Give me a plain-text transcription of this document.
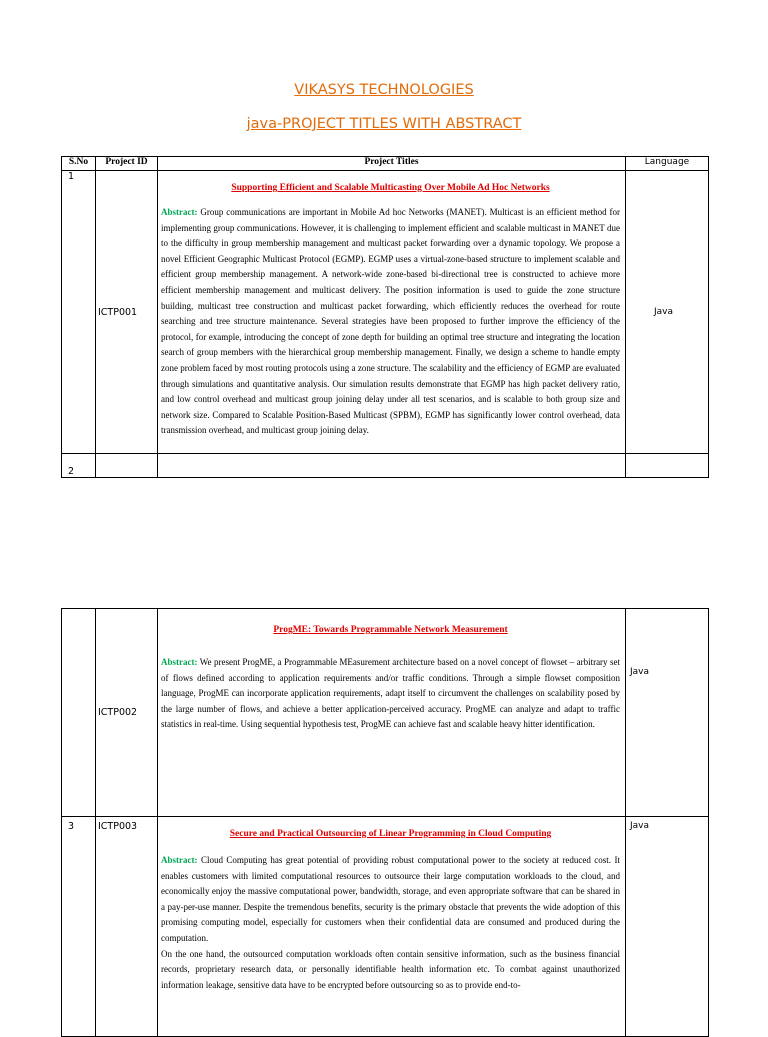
VIKASYS TECHNOLOGIES
java-PROJECT TITLES WITH ABSTRACT
S.No	Project ID	Project Titles	Language
1	ICTP001	Supporting Efficient and Scalable Multicasting Over Mobile Ad Hoc Networks

Abstract: Group communications are important in Mobile Ad hoc Networks (MANET). Multicast is an efficient method for implementing group communications. However, it is challenging to implement efficient and scalable multicast in MANET due to the difficulty in group membership management and multicast packet forwarding over a dynamic topology. We propose a novel Efficient Geographic Multicast Protocol (EGMP). EGMP uses a virtual-zone-based structure to implement scalable and efficient group membership management. A network-wide zone-based bi-directional tree is constructed to achieve more efficient membership management and multicast delivery. The position information is used to guide the zone structure building, multicast tree construction and multicast packet forwarding, which efficiently reduces the overhead for route searching and tree structure maintenance. Several strategies have been proposed to further improve the efficiency of the protocol, for example, introducing the concept of zone depth for building an optimal tree structure and integrating the location search of group members with the hierarchical group membership management. Finally, we design a scheme to handle empty zone problem faced by most routing protocols using a zone structure. The scalability and the efficiency of EGMP are evaluated through simulations and quantitative analysis. Our simulation results demonstrate that EGMP has high packet delivery ratio, and low control overhead and multicast group joining delay under all test scenarios, and is scalable to both group size and network size. Compared to Scalable Position-Based Multicast (SPBM), EGMP has significantly lower control overhead, data transmission overhead, and multicast group joining delay.	Java
2			
	ICTP002	ProgME: Towards Programmable Network Measurement

Abstract: We present ProgME, a Programmable MEasurement architecture based on a novel concept of flowset – arbitrary set of flows defined according to application requirements and/or traffic conditions. Through a simple flowset composition language, ProgME can incorporate application requirements, adapt itself to circumvent the challenges on scalability posed by the large number of flows, and achieve a better application-perceived accuracy. ProgME can analyze and adapt to traffic statistics in real-time. Using sequential hypothesis test, ProgME can achieve fast and scalable heavy hitter identification.	Java
3	ICTP003	Secure and Practical Outsourcing of Linear Programming in Cloud Computing

Abstract: Cloud Computing has great potential of providing robust computational power to the society at reduced cost. It enables customers with limited computational resources to outsource their large computation workloads to the cloud, and economically enjoy the massive computational power, bandwidth, storage, and even appropriate software that can be shared in a pay-per-use manner. Despite the tremendous benefits, security is the primary obstacle that prevents the wide adoption of this promising computing model, especially for customers when their confidential data are consumed and produced during the computation.

On the one hand, the outsourced computation workloads often contain sensitive information, such as the business financial records, proprietary research data, or personally identifiable health information etc. To combat against unauthorized information leakage, sensitive data have to be encrypted before outsourcing so as to provide end-to-	Java
